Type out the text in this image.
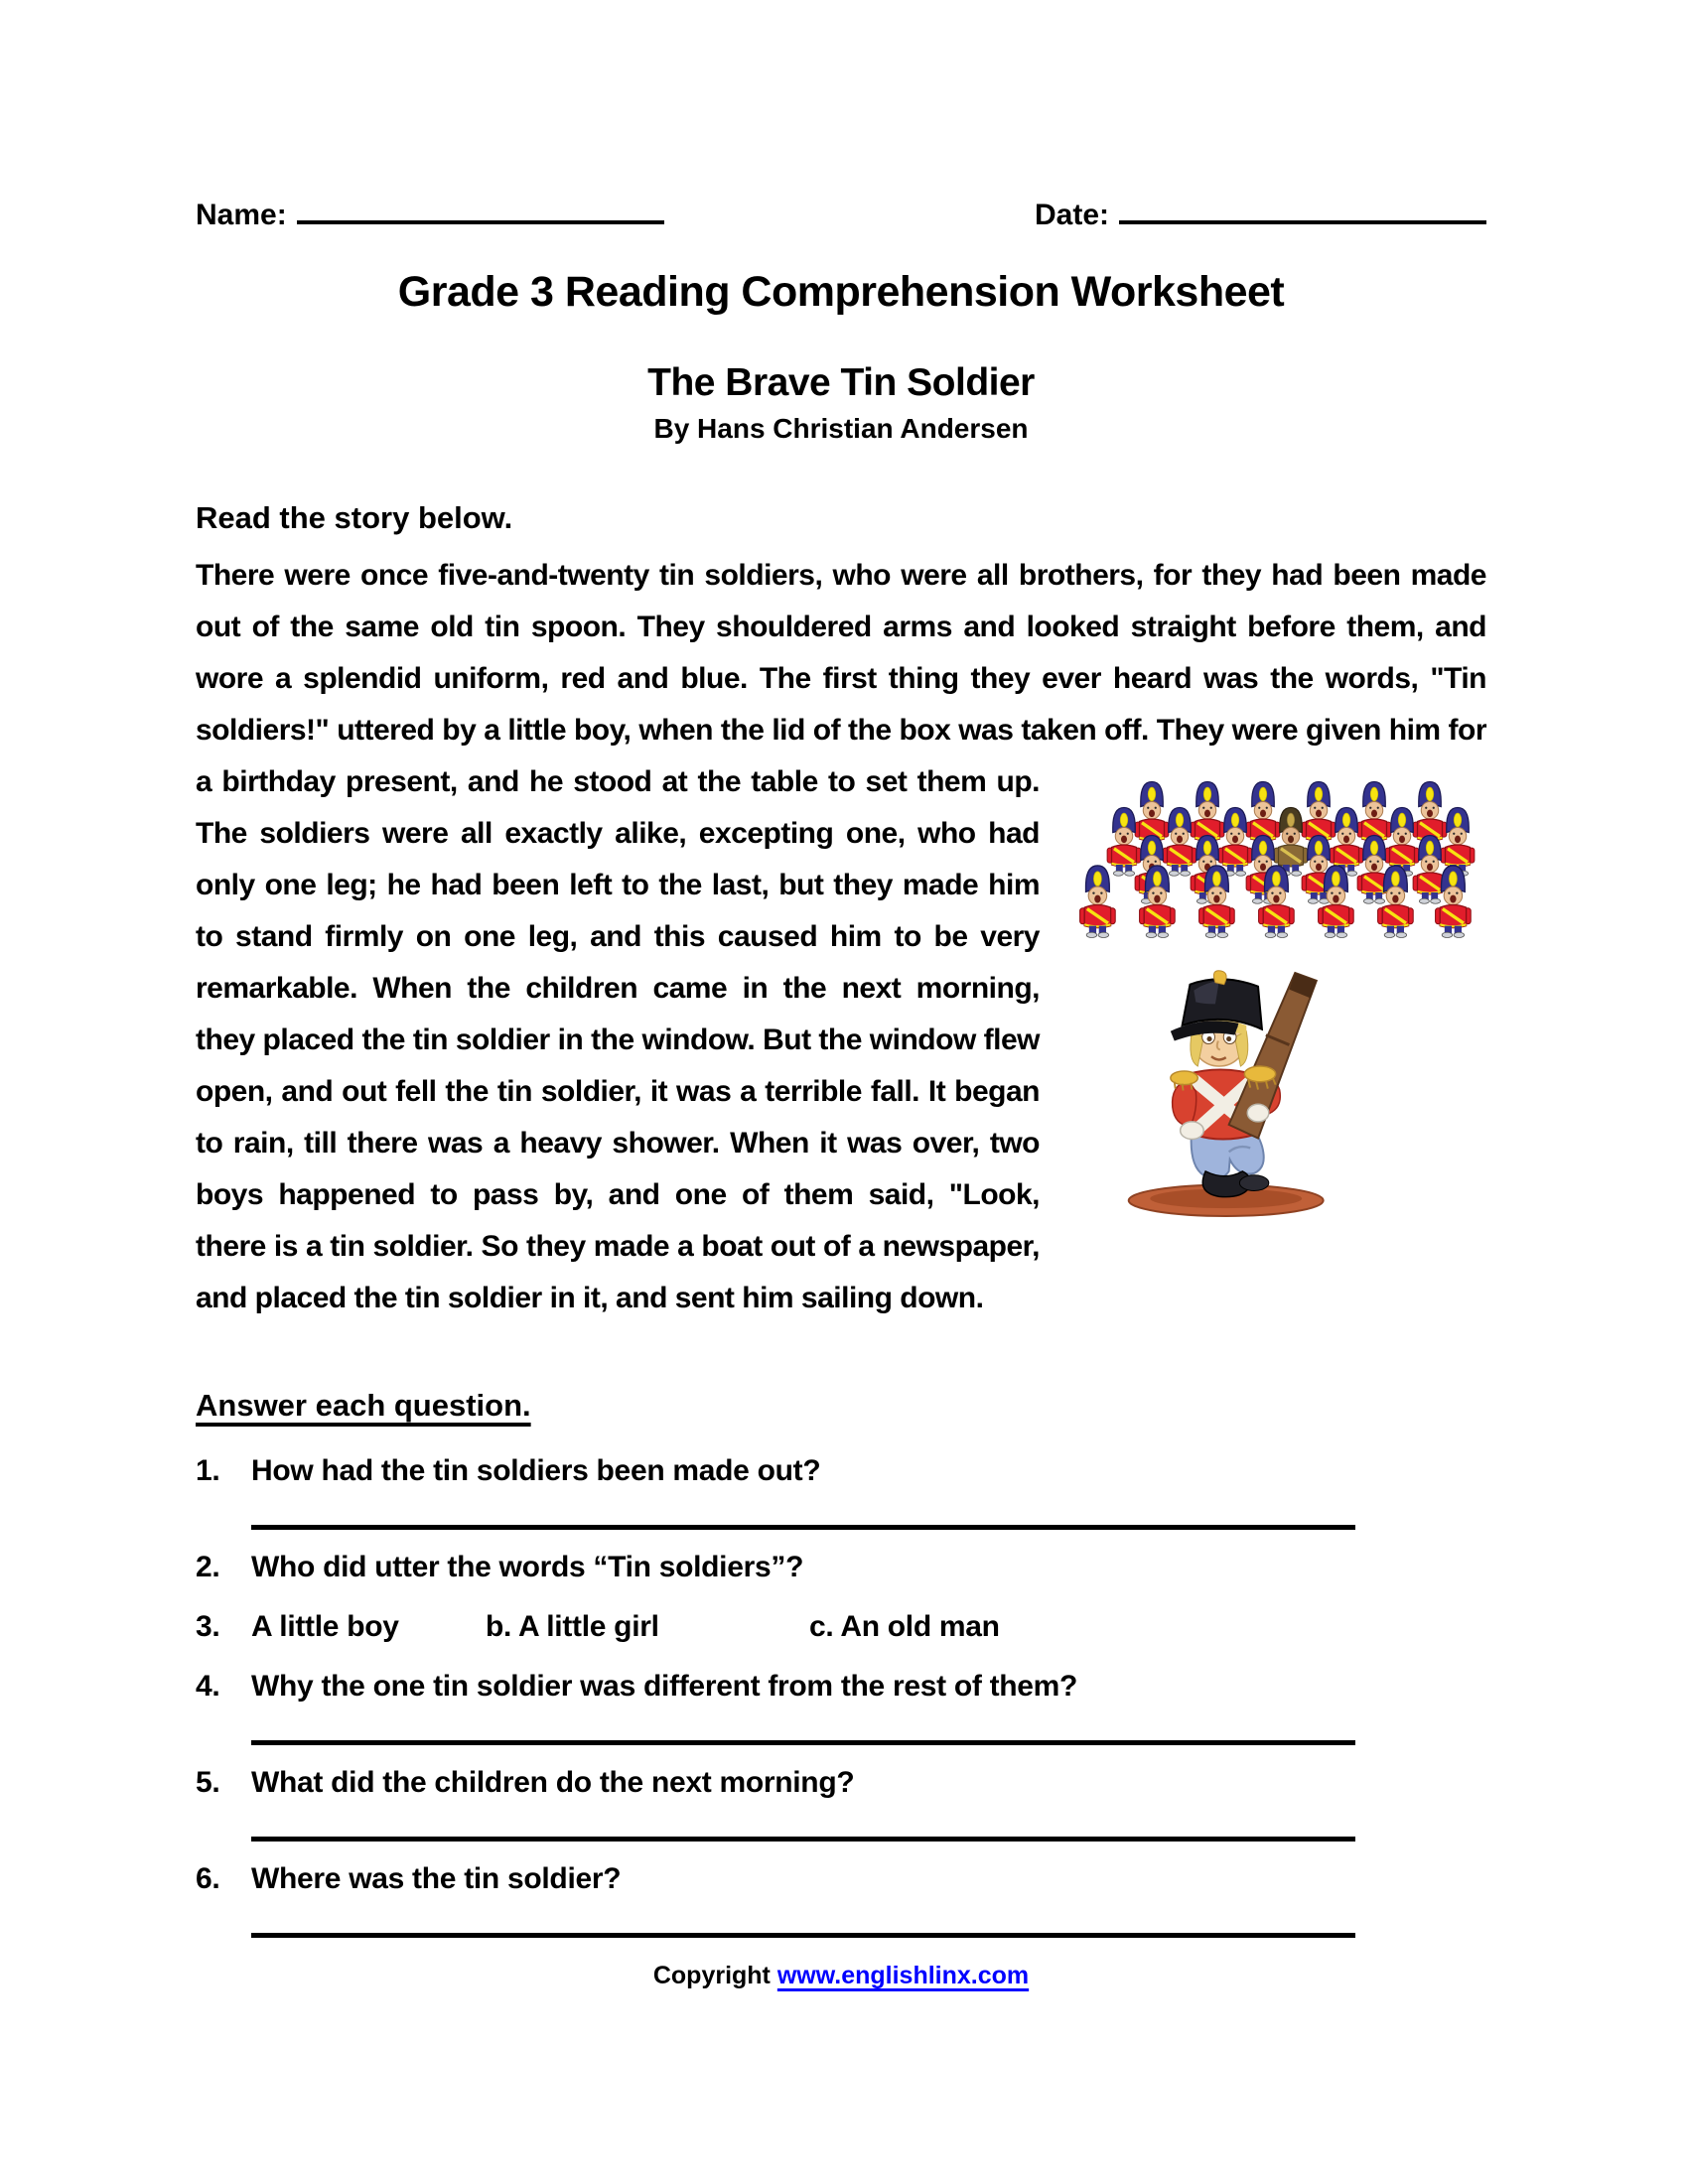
Name:	Date:
Grade 3 Reading Comprehension Worksheet
The Brave Tin Soldier
By Hans Christian Andersen

Read the story below.

There were once five-and-twenty tin soldiers, who were all brothers, for they had been made out of the same old tin spoon. They shouldered arms and looked straight before them, and wore a splendid uniform, red and blue. The first thing they ever heard was the words, "Tin soldiers!" uttered by a little boy, when the lid of the box was taken off. They were given him for a birthday
present, and he stood at the table to set them up. The soldiers were all exactly alike, excepting one, who had only one leg; he had been left to the last, but they made him to stand firmly on one leg, and this caused him to be very remarkable. When the children came in the next morning, they placed the tin soldier in the window. But the window flew open, and out fell the tin soldier, it was a terrible fall. It began to rain, till there was a heavy shower. When it was over, two boys happened to pass by, and one of them said, "Look, there is a tin soldier. So they made a boat out of a newspaper, and placed the tin soldier in it, and sent him sailing down.
Answer each question.
1.	How had the tin soldiers been made out?
2.	Who did utter the words “Tin soldiers”?
3.	A little boy	b. A little girl	c. An old man
4.	Why the one tin soldier was different from the rest of them?
5.	What did the children do the next morning?
6.	Where was the tin soldier?
Copyright www.englishlinx.com
